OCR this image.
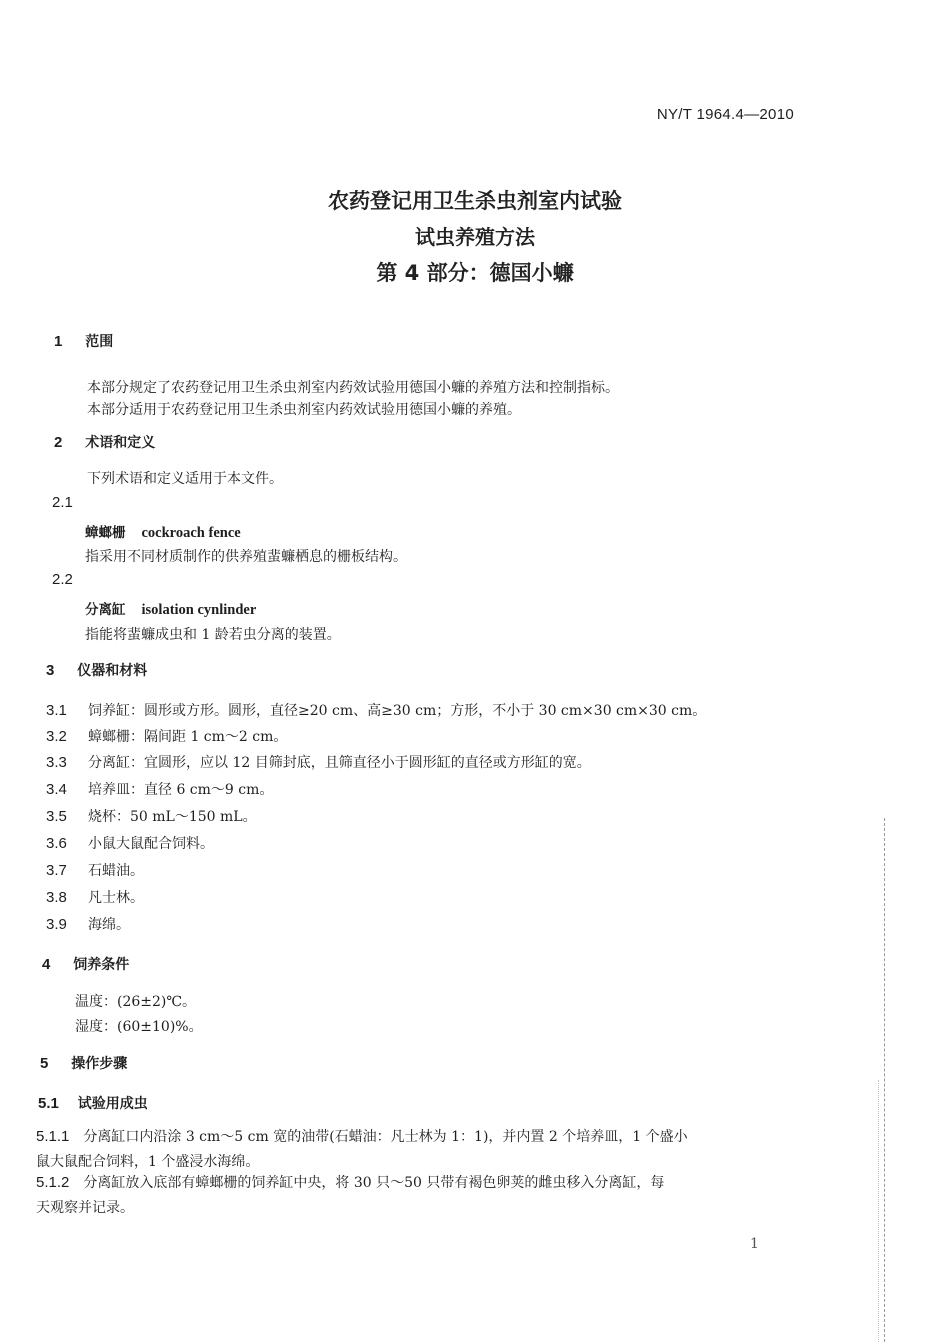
NY/T 1964.4—2010
农药登记用卫生杀虫剂室内试验
试虫养殖方法
第 4 部分：德国小蠊
1 范围
本部分规定了农药登记用卫生杀虫剂室内药效试验用德国小蠊的养殖方法和控制指标。
本部分适用于农药登记用卫生杀虫剂室内药效试验用德国小蠊的养殖。
2 术语和定义
下列术语和定义适用于本文件。
2.1
蟑螂栅 cockroach fence
指采用不同材质制作的供养殖蜚蠊栖息的栅板结构。
2.2
分离缸 isolation cynlinder
指能将蜚蠊成虫和 1 龄若虫分离的装置。
3 仪器和材料
3.1 饲养缸：圆形或方形。圆形，直径≥20 cm、高≥30 cm；方形，不小于 30 cm×30 cm×30 cm。
3.2 蟑螂栅：隔间距 1 cm～2 cm。
3.3 分离缸：宜圆形，应以 12 目筛封底，且筛直径小于圆形缸的直径或方形缸的宽。
3.4 培养皿：直径 6 cm～9 cm。
3.5 烧杯：50 mL～150 mL。
3.6 小鼠大鼠配合饲料。
3.7 石蜡油。
3.8 凡士林。
3.9 海绵。
4 饲养条件
温度：(26±2)℃。
湿度：(60±10)%。
5 操作步骤
5.1 试验用成虫
5.1.1 分离缸口内沿涂 3 cm～5 cm 宽的油带(石蜡油：凡士林为 1：1)，并内置 2 个培养皿，1 个盛小
鼠大鼠配合饲料，1 个盛浸水海绵。
5.1.2 分离缸放入底部有蟑螂栅的饲养缸中央，将 30 只～50 只带有褐色卵荚的雌虫移入分离缸，每
天观察并记录。
1
